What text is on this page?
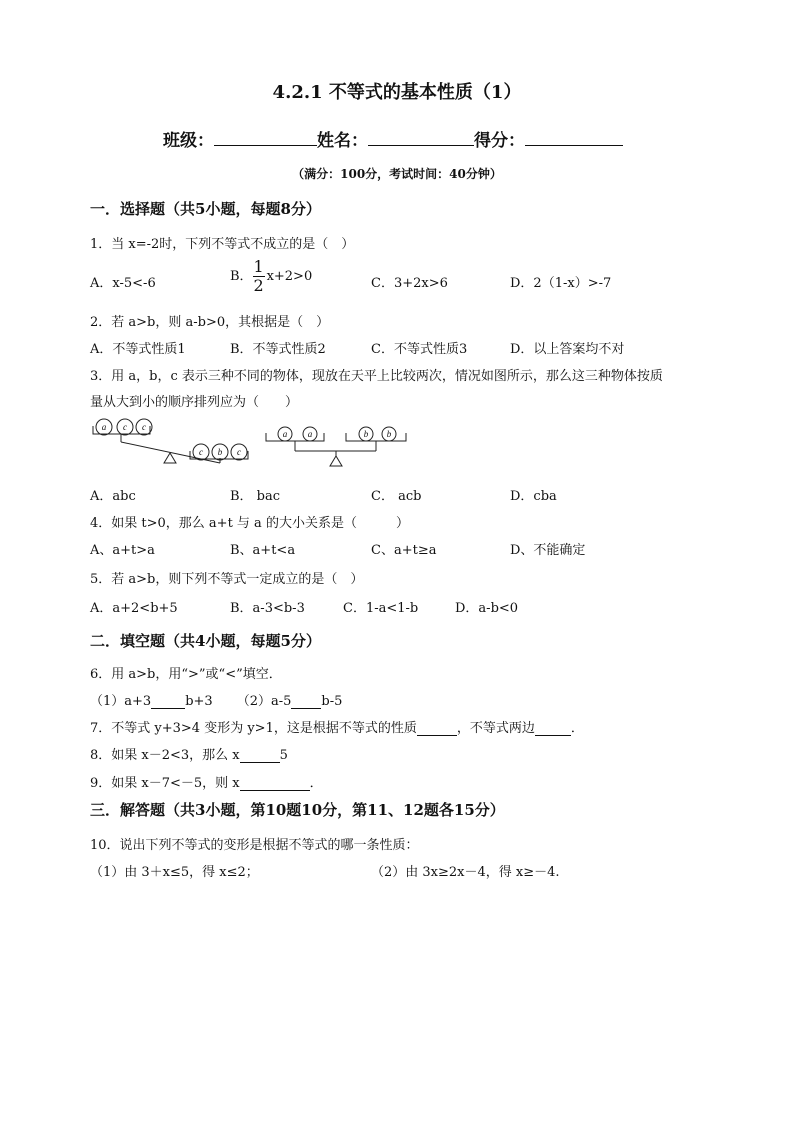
4.2.1 不等式的基本性质（1）
班级：	姓名：	得分：
（满分：100分，考试时间：40分钟）
一．选择题（共5小题，每题8分）
1．当 x=-2时，下列不等式不成立的是（　）
A．x-5<-6	B． $\frac{1}{2} x+2>0$	C．3+2x>6	D．2（1-x）>-7
2．若 a>b，则 a-b>0，其根据是（　）
A．不等式性质1	B．不等式性质2	C．不等式性质3	D．以上答案均不对
3．用 a，b，c 表示三种不同的物体，现放在天平上比较两次，情况如图所示，那么这三种物体按质
量从大到小的顺序排列应为（　　）
a c c
c b c
a a	b b
A．abc	B． bac	C． acb	D．cba
4．如果 t>0，那么 a+t 与 a 的大小关系是（　　　）
A、a+t>a	B、a+t<a	C、a+t≥a	D、不能确定
5．若 a>b，则下列不等式一定成立的是（　）
A．a+2<b+5	B．a-3<b-3	C．1-a<1-b	D．a-b<0
二．填空题（共4小题，每题5分）
6．用 a>b，用“>”或“<”填空．
（1）a+3	b+3 （2）a-5 b-5
7．不等式 y+3>4 变形为 y>1，这是根据不等式的性质	，不等式两边	．
8．如果 x－2<3，那么 x	5
9．如果 x－7<－5，则 x	．
三．解答题（共3小题，第10题10分，第11、12题各15分）
10．说出下列不等式的变形是根据不等式的哪一条性质：
（1）由 3＋x≤5，得 x≤2；	（2）由 3x≥2x－4，得 x≥－4.
